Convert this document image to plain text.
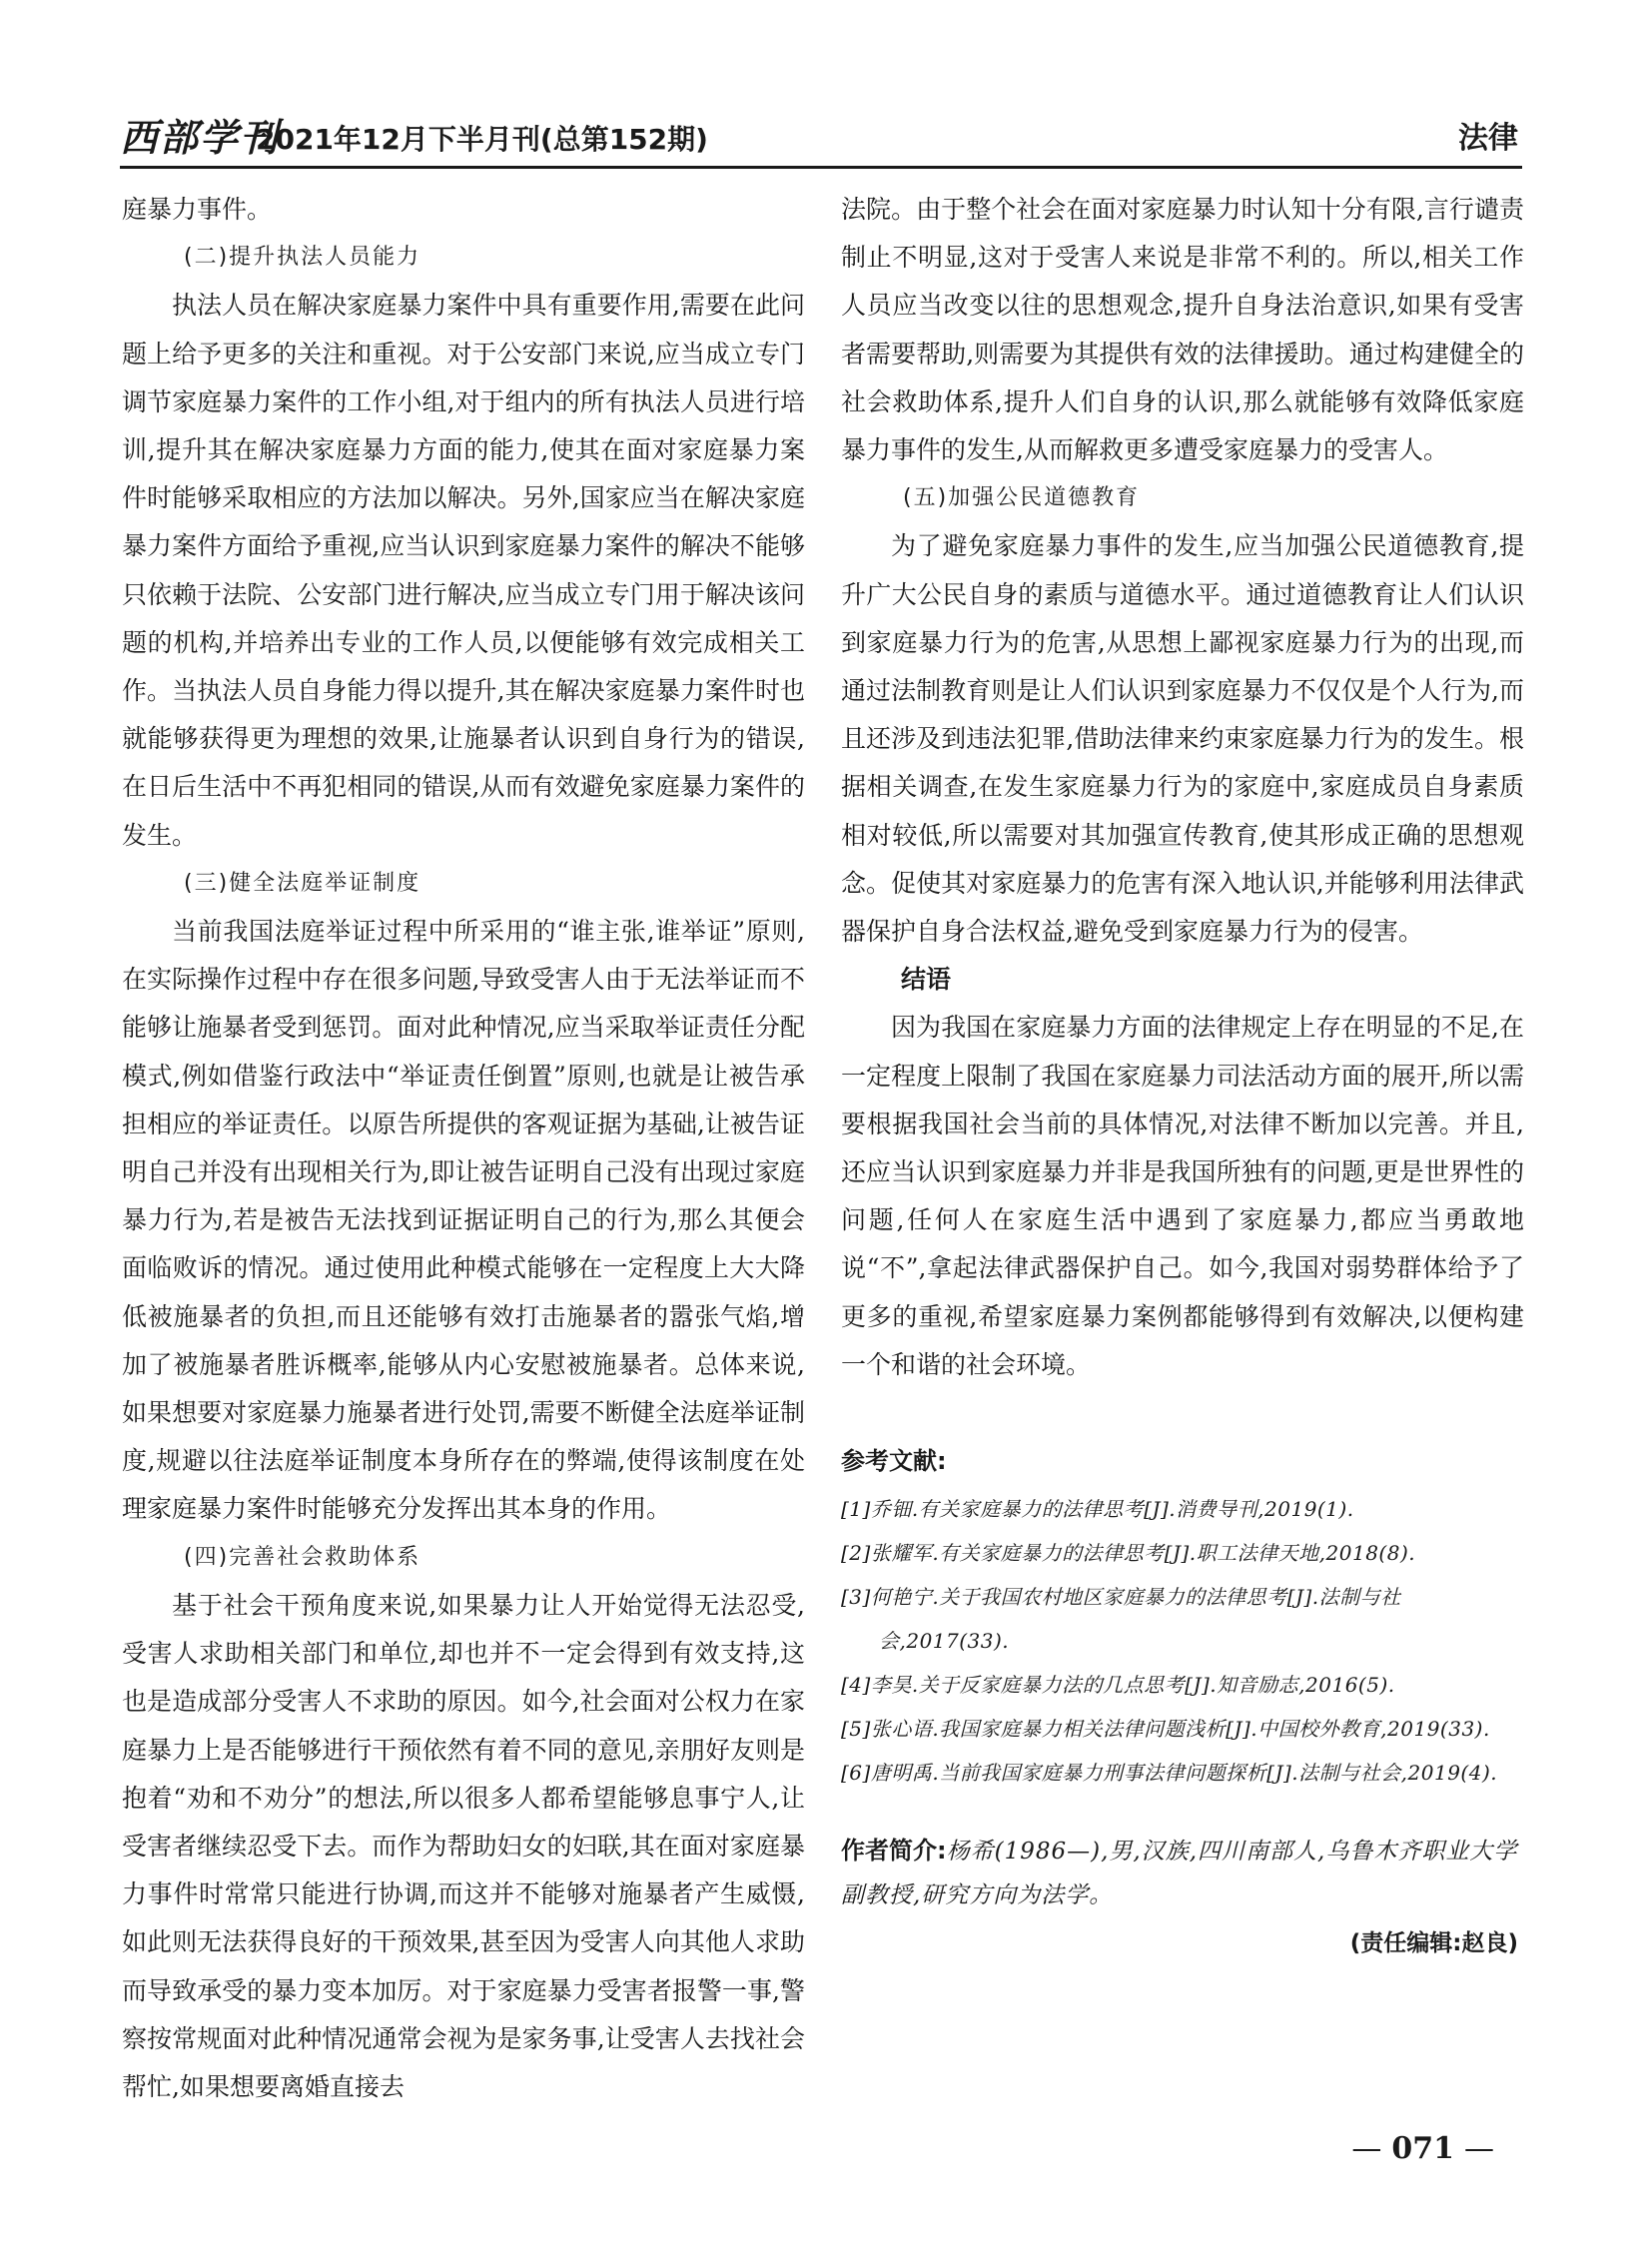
西部学刊
2021年12月下半月刊(总第152期)	法律

庭暴力事件。

(二)提升执法人员能力

执法人员在解决家庭暴力案件中具有重要作用,需要在此问题上给予更多的关注和重视。对于公安部门来说,应当成立专门调节家庭暴力案件的工作小组,对于组内的所有执法人员进行培训,提升其在解决家庭暴力方面的能力,使其在面对家庭暴力案件时能够采取相应的方法加以解决。另外,国家应当在解决家庭暴力案件方面给予重视,应当认识到家庭暴力案件的解决不能够只依赖于法院、公安部门进行解决,应当成立专门用于解决该问题的机构,并培养出专业的工作人员,以便能够有效完成相关工作。当执法人员自身能力得以提升,其在解决家庭暴力案件时也就能够获得更为理想的效果,让施暴者认识到自身行为的错误,在日后生活中不再犯相同的错误,从而有效避免家庭暴力案件的发生。

(三)健全法庭举证制度

当前我国法庭举证过程中所采用的“谁主张,谁举证”原则,在实际操作过程中存在很多问题,导致受害人由于无法举证而不能够让施暴者受到惩罚。面对此种情况,应当采取举证责任分配模式,例如借鉴行政法中“举证责任倒置”原则,也就是让被告承担相应的举证责任。以原告所提供的客观证据为基础,让被告证明自己并没有出现相关行为,即让被告证明自己没有出现过家庭暴力行为,若是被告无法找到证据证明自己的行为,那么其便会面临败诉的情况。通过使用此种模式能够在一定程度上大大降低被施暴者的负担,而且还能够有效打击施暴者的嚣张气焰,增加了被施暴者胜诉概率,能够从内心安慰被施暴者。总体来说,如果想要对家庭暴力施暴者进行处罚,需要不断健全法庭举证制度,规避以往法庭举证制度本身所存在的弊端,使得该制度在处理家庭暴力案件时能够充分发挥出其本身的作用。

(四)完善社会救助体系

基于社会干预角度来说,如果暴力让人开始觉得无法忍受,受害人求助相关部门和单位,却也并不一定会得到有效支持,这也是造成部分受害人不求助的原因。如今,社会面对公权力在家庭暴力上是否能够进行干预依然有着不同的意见,亲朋好友则是抱着“劝和不劝分”的想法,所以很多人都希望能够息事宁人,让受害者继续忍受下去。而作为帮助妇女的妇联,其在面对家庭暴力事件时常常只能进行协调,而这并不能够对施暴者产生威慑,如此则无法获得良好的干预效果,甚至因为受害人向其他人求助而导致承受的暴力变本加厉。对于家庭暴力受害者报警一事,警察按常规面对此种情况通常会视为是家务事,让受害人去找社会帮忙,如果想要离婚直接去

法院。由于整个社会在面对家庭暴力时认知十分有限,言行谴责制止不明显,这对于受害人来说是非常不利的。所以,相关工作人员应当改变以往的思想观念,提升自身法治意识,如果有受害者需要帮助,则需要为其提供有效的法律援助。通过构建健全的社会救助体系,提升人们自身的认识,那么就能够有效降低家庭暴力事件的发生,从而解救更多遭受家庭暴力的受害人。

(五)加强公民道德教育

为了避免家庭暴力事件的发生,应当加强公民道德教育,提升广大公民自身的素质与道德水平。通过道德教育让人们认识到家庭暴力行为的危害,从思想上鄙视家庭暴力行为的出现,而通过法制教育则是让人们认识到家庭暴力不仅仅是个人行为,而且还涉及到违法犯罪,借助法律来约束家庭暴力行为的发生。根据相关调查,在发生家庭暴力行为的家庭中,家庭成员自身素质相对较低,所以需要对其加强宣传教育,使其形成正确的思想观念。促使其对家庭暴力的危害有深入地认识,并能够利用法律武器保护自身合法权益,避免受到家庭暴力行为的侵害。

结语

因为我国在家庭暴力方面的法律规定上存在明显的不足,在一定程度上限制了我国在家庭暴力司法活动方面的展开,所以需要根据我国社会当前的具体情况,对法律不断加以完善。并且,还应当认识到家庭暴力并非是我国所独有的问题,更是世界性的问题,任何人在家庭生活中遇到了家庭暴力,都应当勇敢地说“不”,拿起法律武器保护自己。如今,我国对弱势群体给予了更多的重视,希望家庭暴力案例都能够得到有效解决,以便构建一个和谐的社会环境。

参考文献:
[1]乔钿.有关家庭暴力的法律思考[J].消费导刊,2019(1).
[2]张耀军.有关家庭暴力的法律思考[J].职工法律天地,2018(8).
[3]何艳宁.关于我国农村地区家庭暴力的法律思考[J].法制与社会,2017(33).
[4]李昊.关于反家庭暴力法的几点思考[J].知音励志,2016(5).
[5]张心语.我国家庭暴力相关法律问题浅析[J].中国校外教育,2019(33).
[6]唐明禹.当前我国家庭暴力刑事法律问题探析[J].法制与社会,2019(4).
作者简介:杨希(1986—),男,汉族,四川南部人,乌鲁木齐职业大学副教授,研究方向为法学。
(责任编辑:赵良)
— 071 —
